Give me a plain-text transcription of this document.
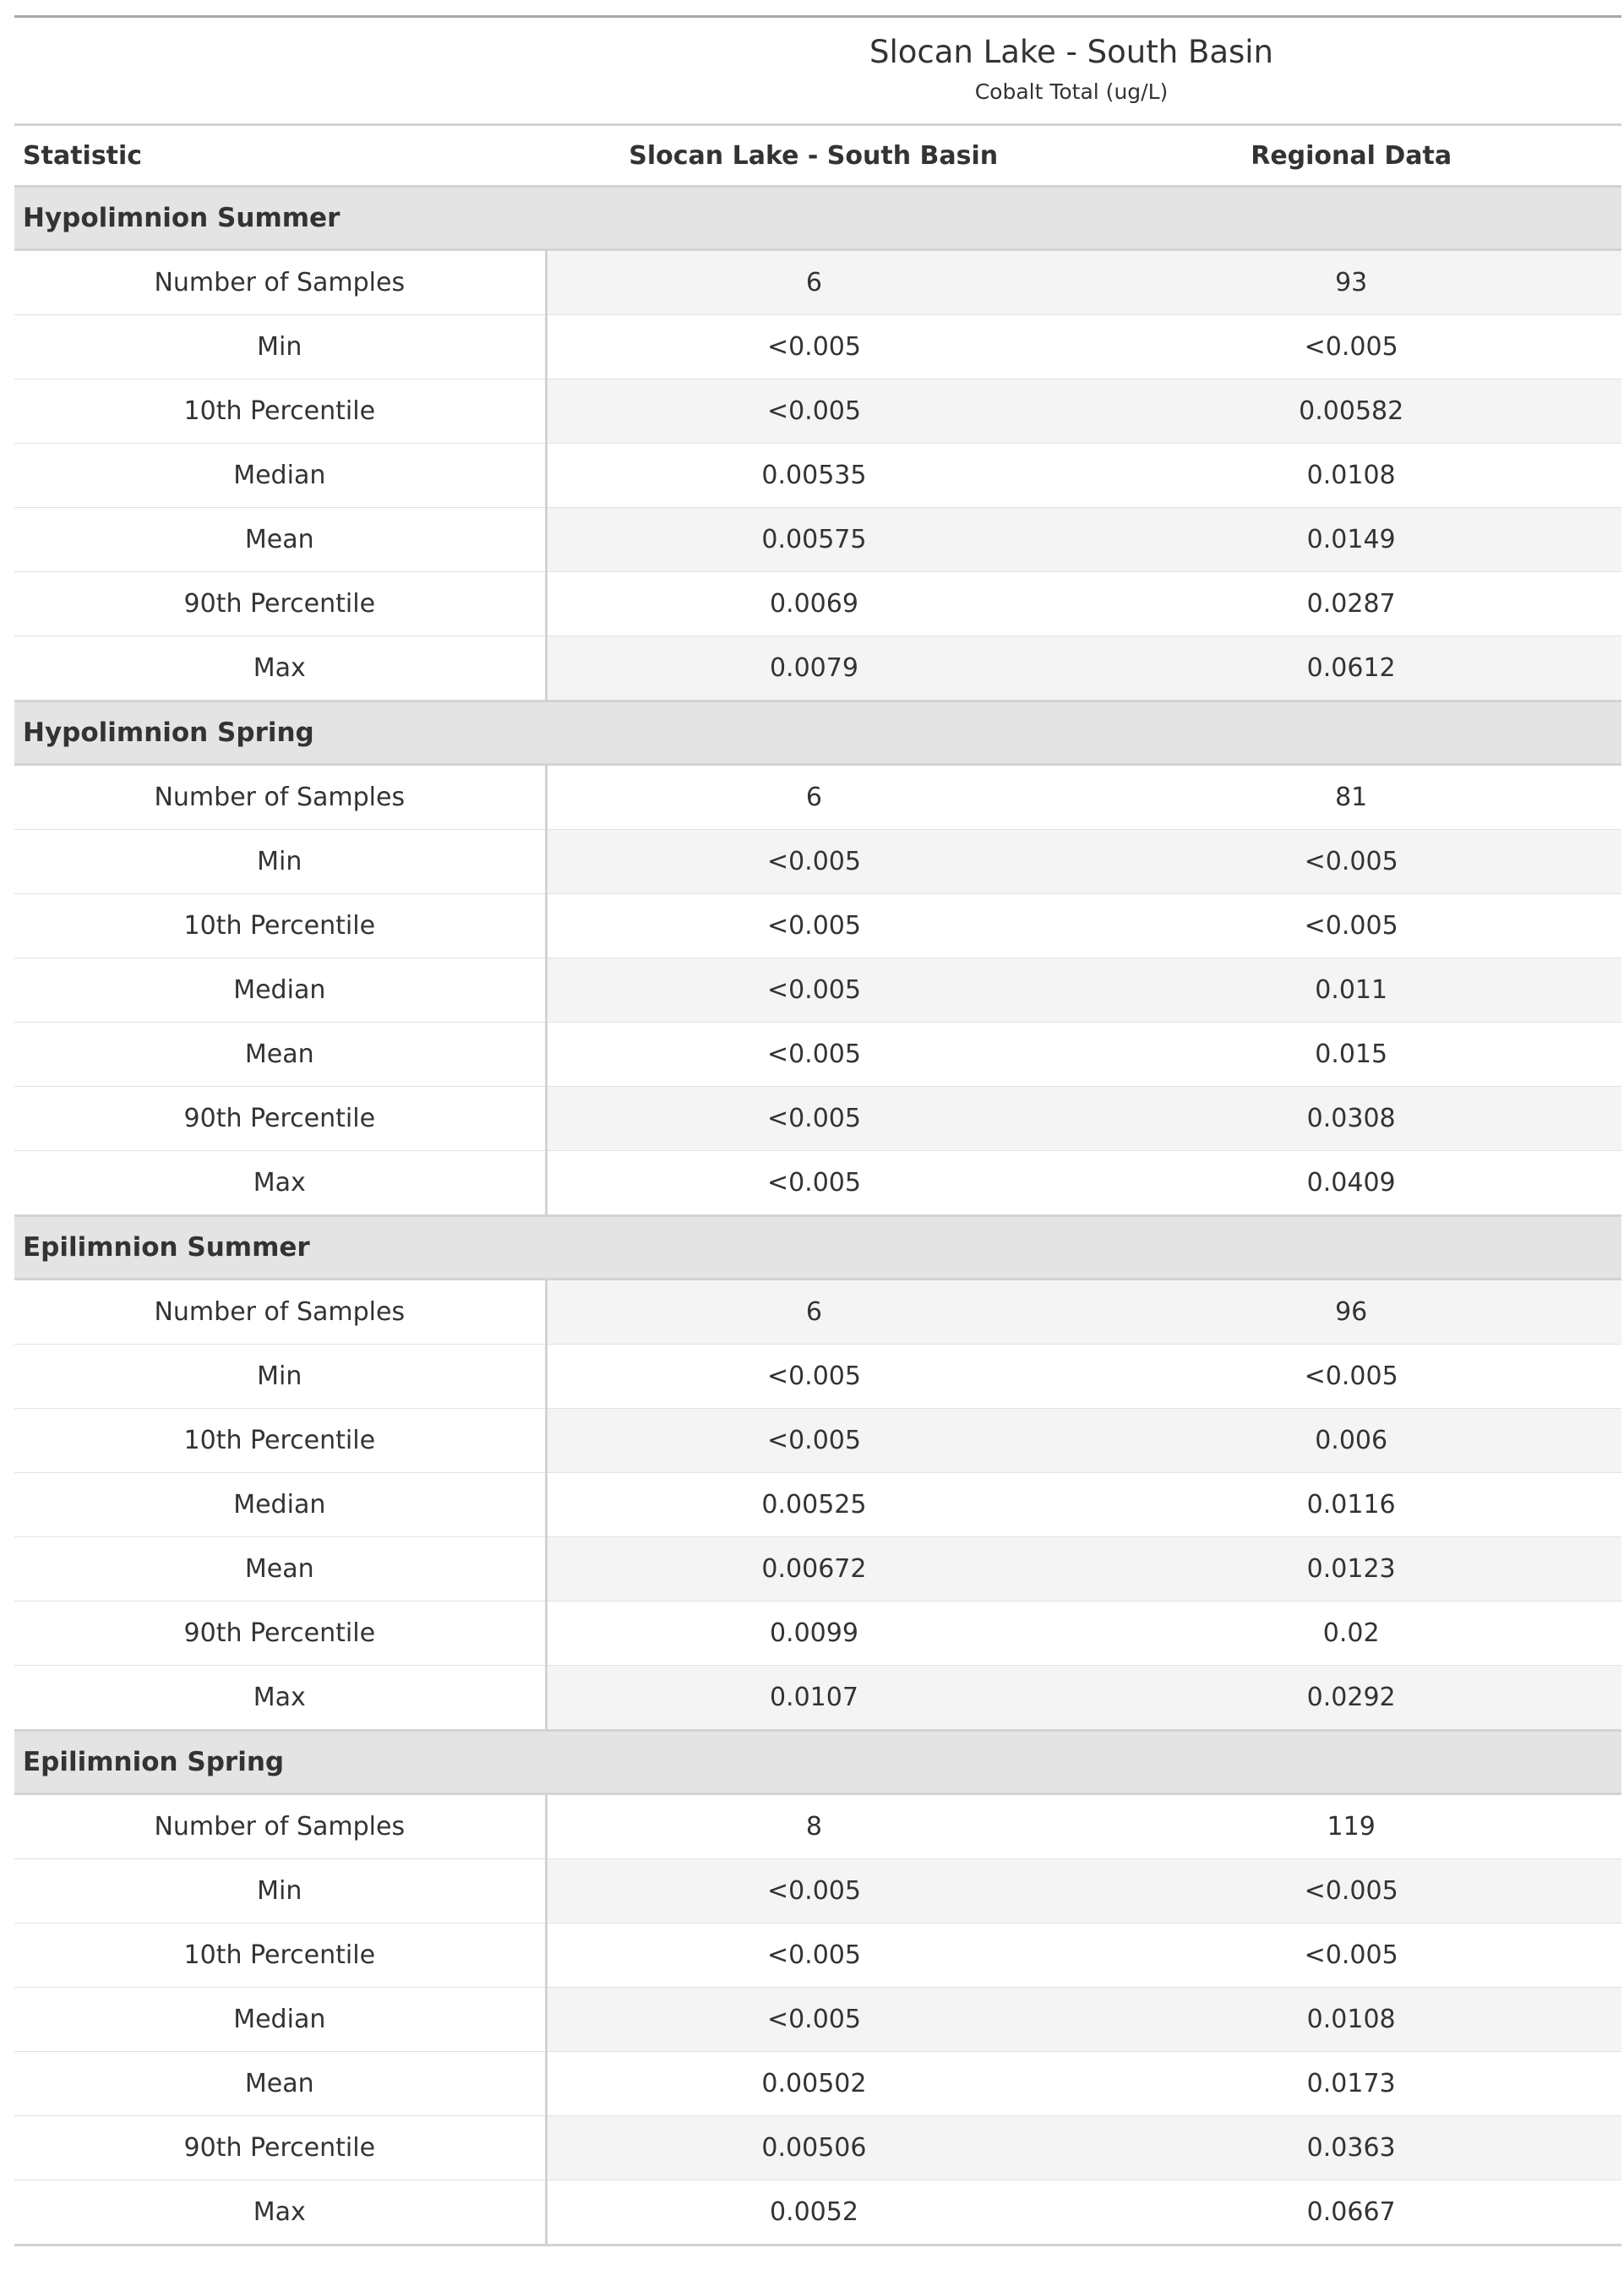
Slocan Lake - South Basin
Cobalt Total (ug/L)		

Statistic	Slocan Lake - South Basin	Regional Data
Hypolimnion Summer		
Number of Samples	6	93
Min	<0.005	<0.005
10th Percentile	<0.005	0.00582
Median	0.00535	0.0108
Mean	0.00575	0.0149
90th Percentile	0.0069	0.0287
Max	0.0079	0.0612
Hypolimnion Spring		
Number of Samples	6	81
Min	<0.005	<0.005
10th Percentile	<0.005	<0.005
Median	<0.005	0.011
Mean	<0.005	0.015
90th Percentile	<0.005	0.0308
Max	<0.005	0.0409
Epilimnion Summer		
Number of Samples	6	96
Min	<0.005	<0.005
10th Percentile	<0.005	0.006
Median	0.00525	0.0116
Mean	0.00672	0.0123
90th Percentile	0.0099	0.02
Max	0.0107	0.0292
Epilimnion Spring		
Number of Samples	8	119
Min	<0.005	<0.005
10th Percentile	<0.005	<0.005
Median	<0.005	0.0108
Mean	0.00502	0.0173
90th Percentile	0.00506	0.0363
Max	0.0052	0.0667
